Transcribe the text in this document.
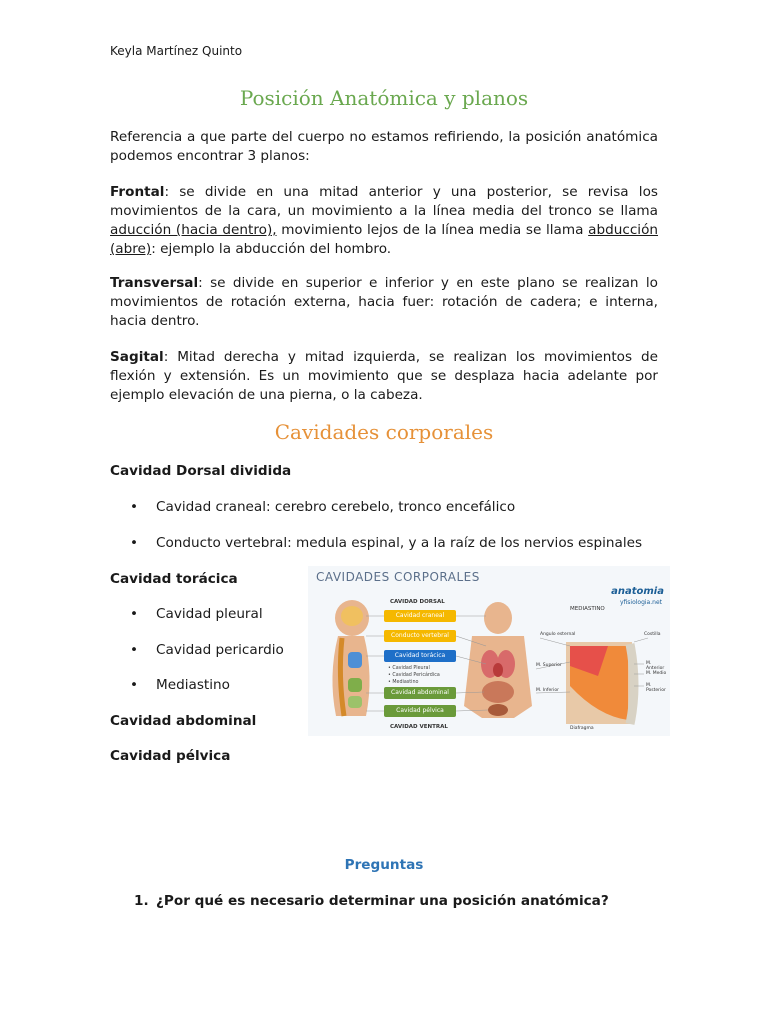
Keyla Martínez Quinto
Posición Anatómica y planos
Referencia a que parte del cuerpo no estamos refiriendo, la posición anatómica podemos encontrar 3 planos:
Frontal: se divide en una mitad anterior y una posterior, se revisa los movimientos de la cara, un movimiento a la línea media del tronco se llama aducción (hacia dentro), movimiento lejos de la línea media se llama abducción (abre): ejemplo la abducción del hombro.
Transversal: se divide en superior e inferior y en este plano se realizan lo movimientos de rotación externa, hacia fuer: rotación de cadera; e interna, hacia dentro.
Sagital: Mitad derecha y mitad izquierda, se realizan los movimientos de flexión y extensión. Es un movimiento que se desplaza hacia adelante por ejemplo elevación de una pierna, o la cabeza.
Cavidades corporales
Cavidad Dorsal dividida
• Cavidad craneal: cerebro cerebelo, tronco encefálico
• Conducto vertebral: medula espinal, y a la raíz de los nervios espinales
Cavidad torácica
• Cavidad pleural
• Cavidad pericardio
• Mediastino
Cavidad abdominal
Cavidad pélvica
CAVIDADES CORPORALES
anatomia
yfisiologia.net
CAVIDAD DORSAL
CAVIDAD VENTRAL
MEDIASTINO
Cavidad craneal
Conducto vertebral
Cavidad torácica
• Cavidad Pleural
• Cavidad Pericárdica
• Mediastino
Cavidad abdominal
Cavidad pélvica
Angulo esternal	Costilla
M. Superior
M. Inferior
M. Anterior
M. Medio
M. Posterior
Diafragma
Preguntas
1. ¿Por qué es necesario determinar una posición anatómica?
